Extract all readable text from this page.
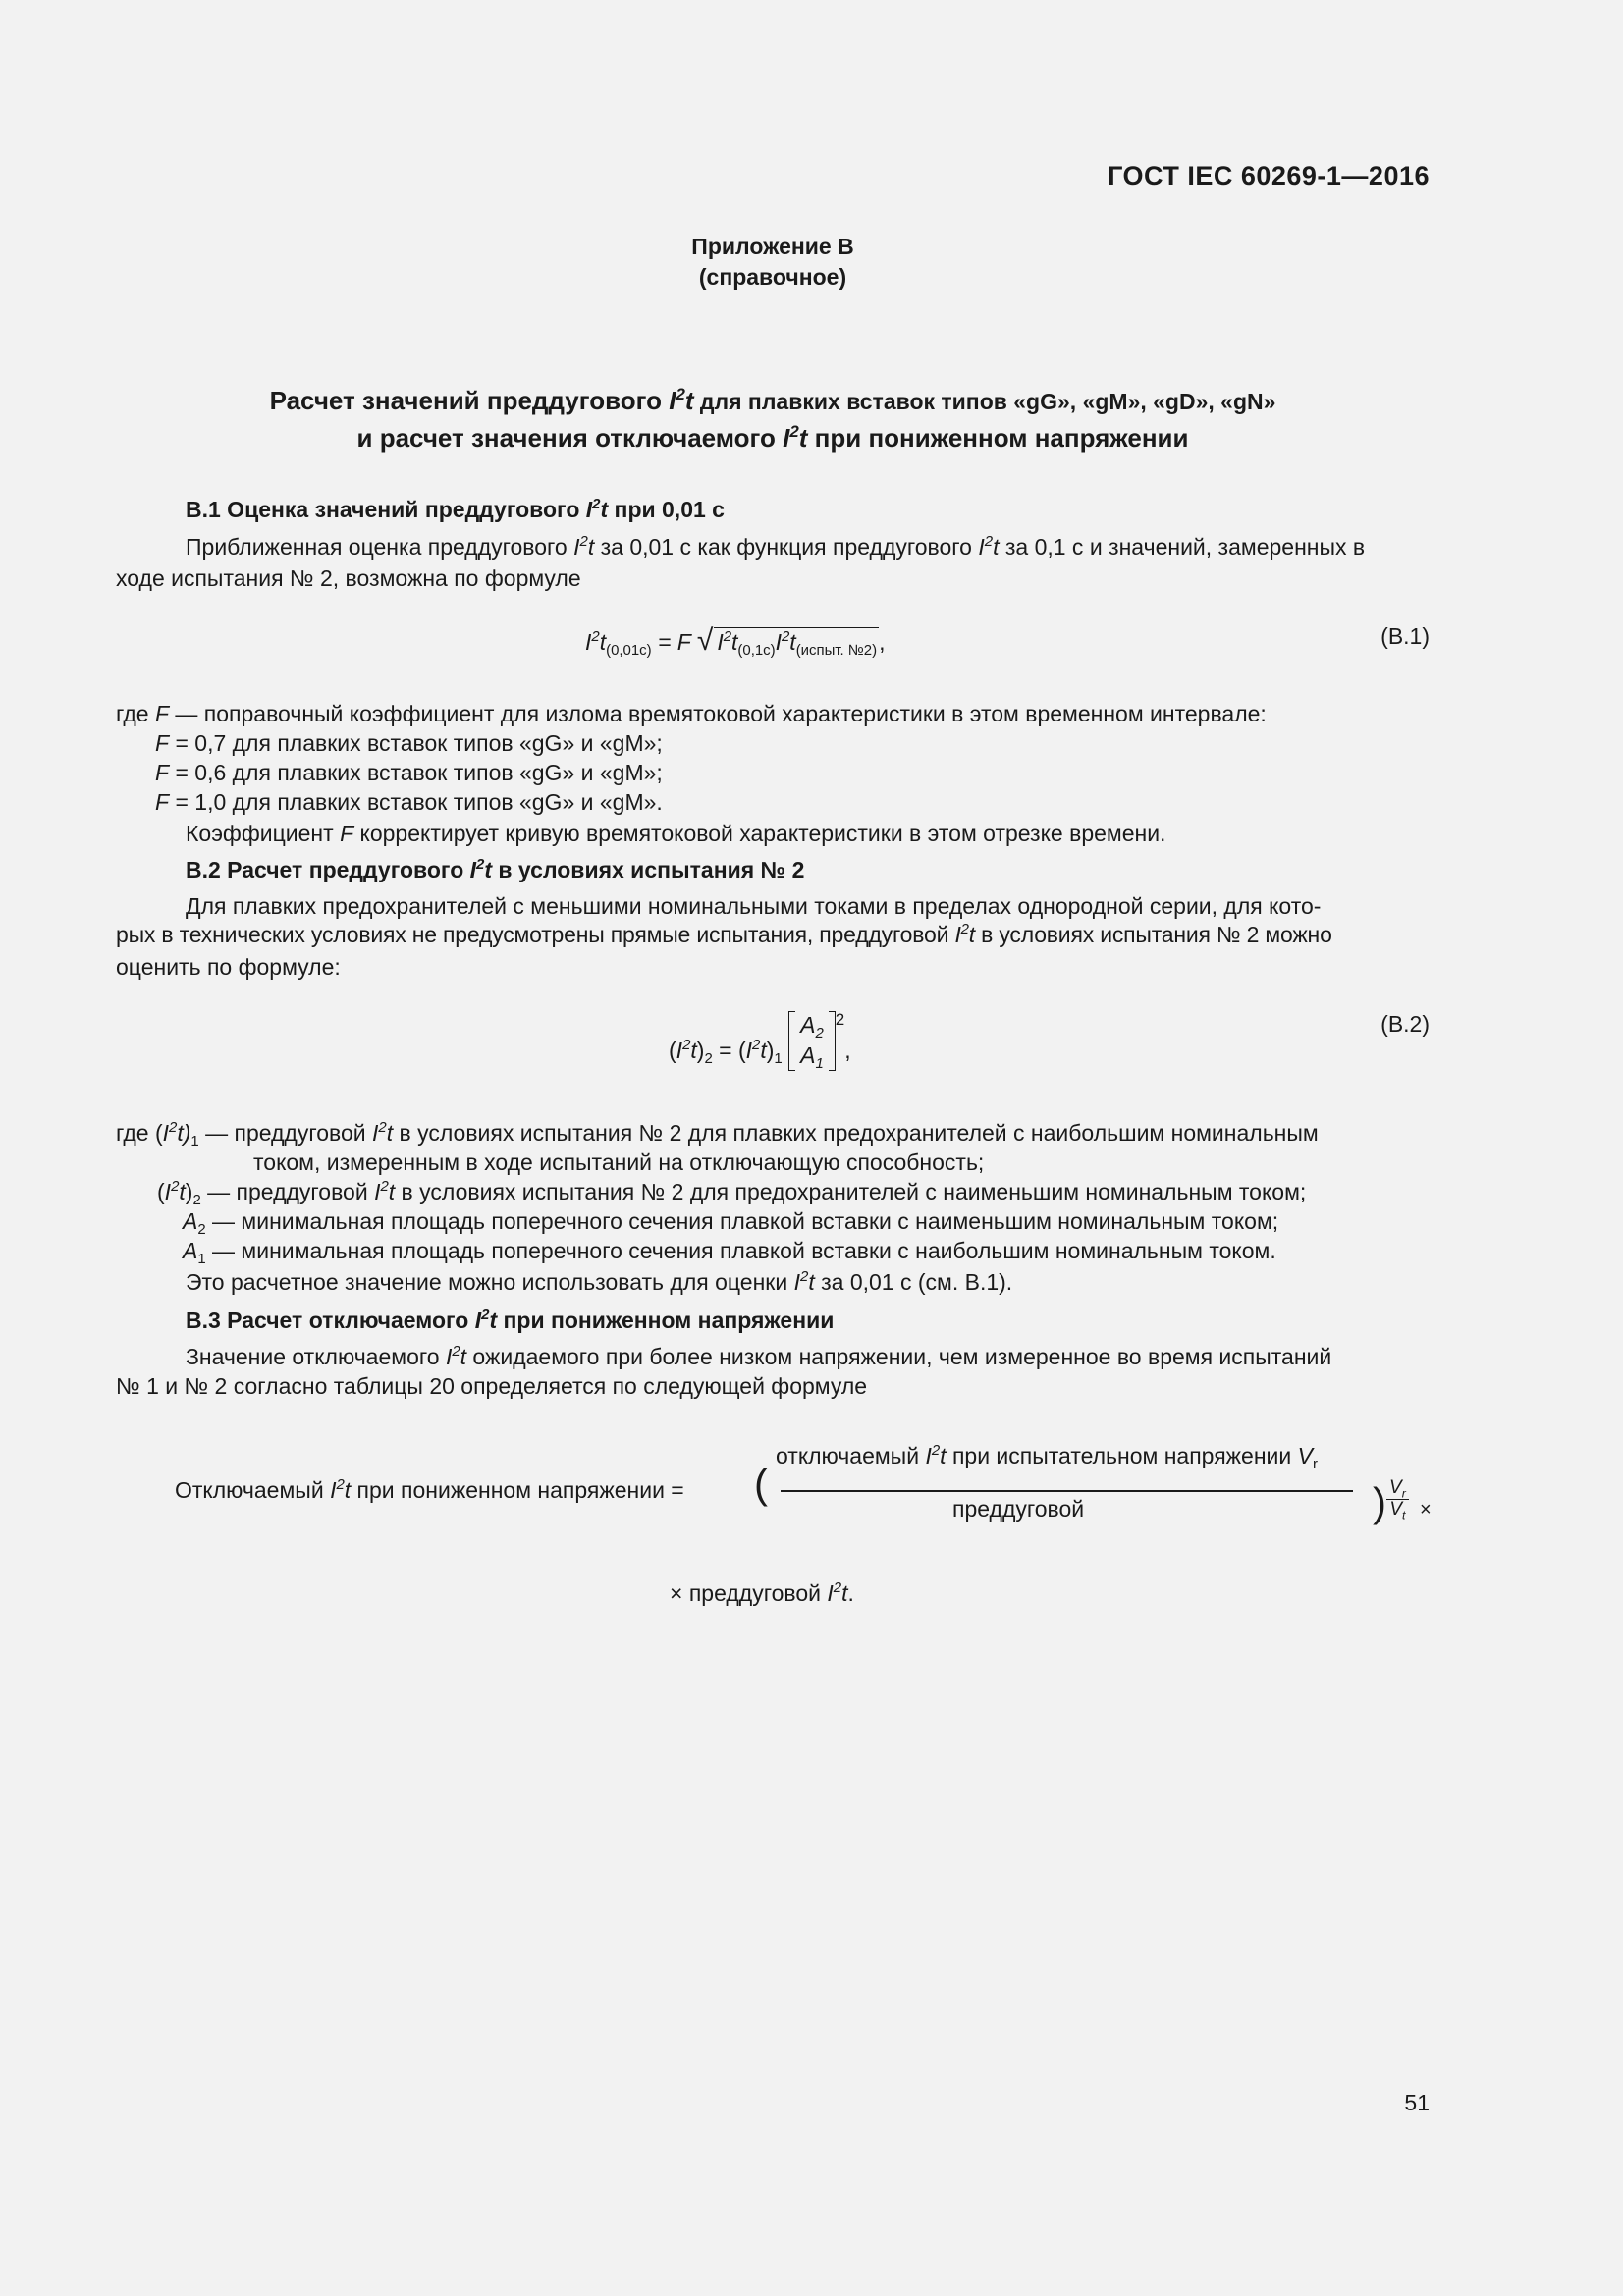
ГОСТ IEC 60269-1—2016
Приложение В
(справочное)
Расчет значений преддугового $I^2t$ для плавких вставок типов «gG», «gM», «gD», «gN»
и расчет значения отключаемого $I^2t$ при пониженном напряжении
В.1 Оценка значений преддугового $I^2t$ при 0,01 с
Приближенная оценка преддугового $I^2t$ за 0,01 с как функция преддугового $I^2t$ за 0,1 с и значений, замеренных в
ходе испытания № 2, возможна по формуле
$I^2t_{(0,01с)} = F$ √ $I^2t_{(0,1с)}I^2t_{(испыт. №2)}$,	(В.1)
где F — поправочный коэффициент для излома времятоковой характеристики в этом временном интервале:
F = 0,7 для плавких вставок типов «gG» и «gM»;
F = 0,6 для плавких вставок типов «gG» и «gM»;
F = 1,0 для плавких вставок типов «gG» и «gM».
Коэффициент F корректирует кривую времятоковой характеристики в этом отрезке времени.
В.2 Расчет преддугового $I^2t$ в условиях испытания № 2
Для плавких предохранителей с меньшими номинальными токами в пределах однородной серии, для кото-
рых в технических условиях не предусмотрены прямые испытания, преддуговой $I^2t$ в условиях испытания № 2 можно
оценить по формуле:
$(I^2t)_2 = (I^2t)_1 \frac{A_2}{A_1} ^2$,
(В.2)
где $(I^2t)_1$ — преддуговой $I^2t$ в условиях испытания № 2 для плавких предохранителей с наибольшим номинальным
током, измеренным в ходе испытаний на отключающую способность;
$(I^2t)_2$ — преддуговой $I^2t$ в условиях испытания № 2 для предохранителей с наименьшим номинальным током;
$A_2$ — минимальная площадь поперечного сечения плавкой вставки с наименьшим номинальным током;
$A_1$ — минимальная площадь поперечного сечения плавкой вставки с наибольшим номинальным током.
Это расчетное значение можно использовать для оценки $I^2t$ за 0,01 с (см. В.1).
В.3 Расчет отключаемого $I^2t$ при пониженном напряжении
Значение отключаемого $I^2t$ ожидаемого при более низком напряжении, чем измеренное во время испытаний
№ 1 и № 2 согласно таблицы 20 определяется по следующей формуле
Отключаемый $I^2t$ при пониженном напряжении = (
отключаемый $I^2t$ при испытательном напряжении $V_r$
преддуговой	) $\frac{V_r}{V_t}$ ×
× преддуговой $I^2t$.
51
